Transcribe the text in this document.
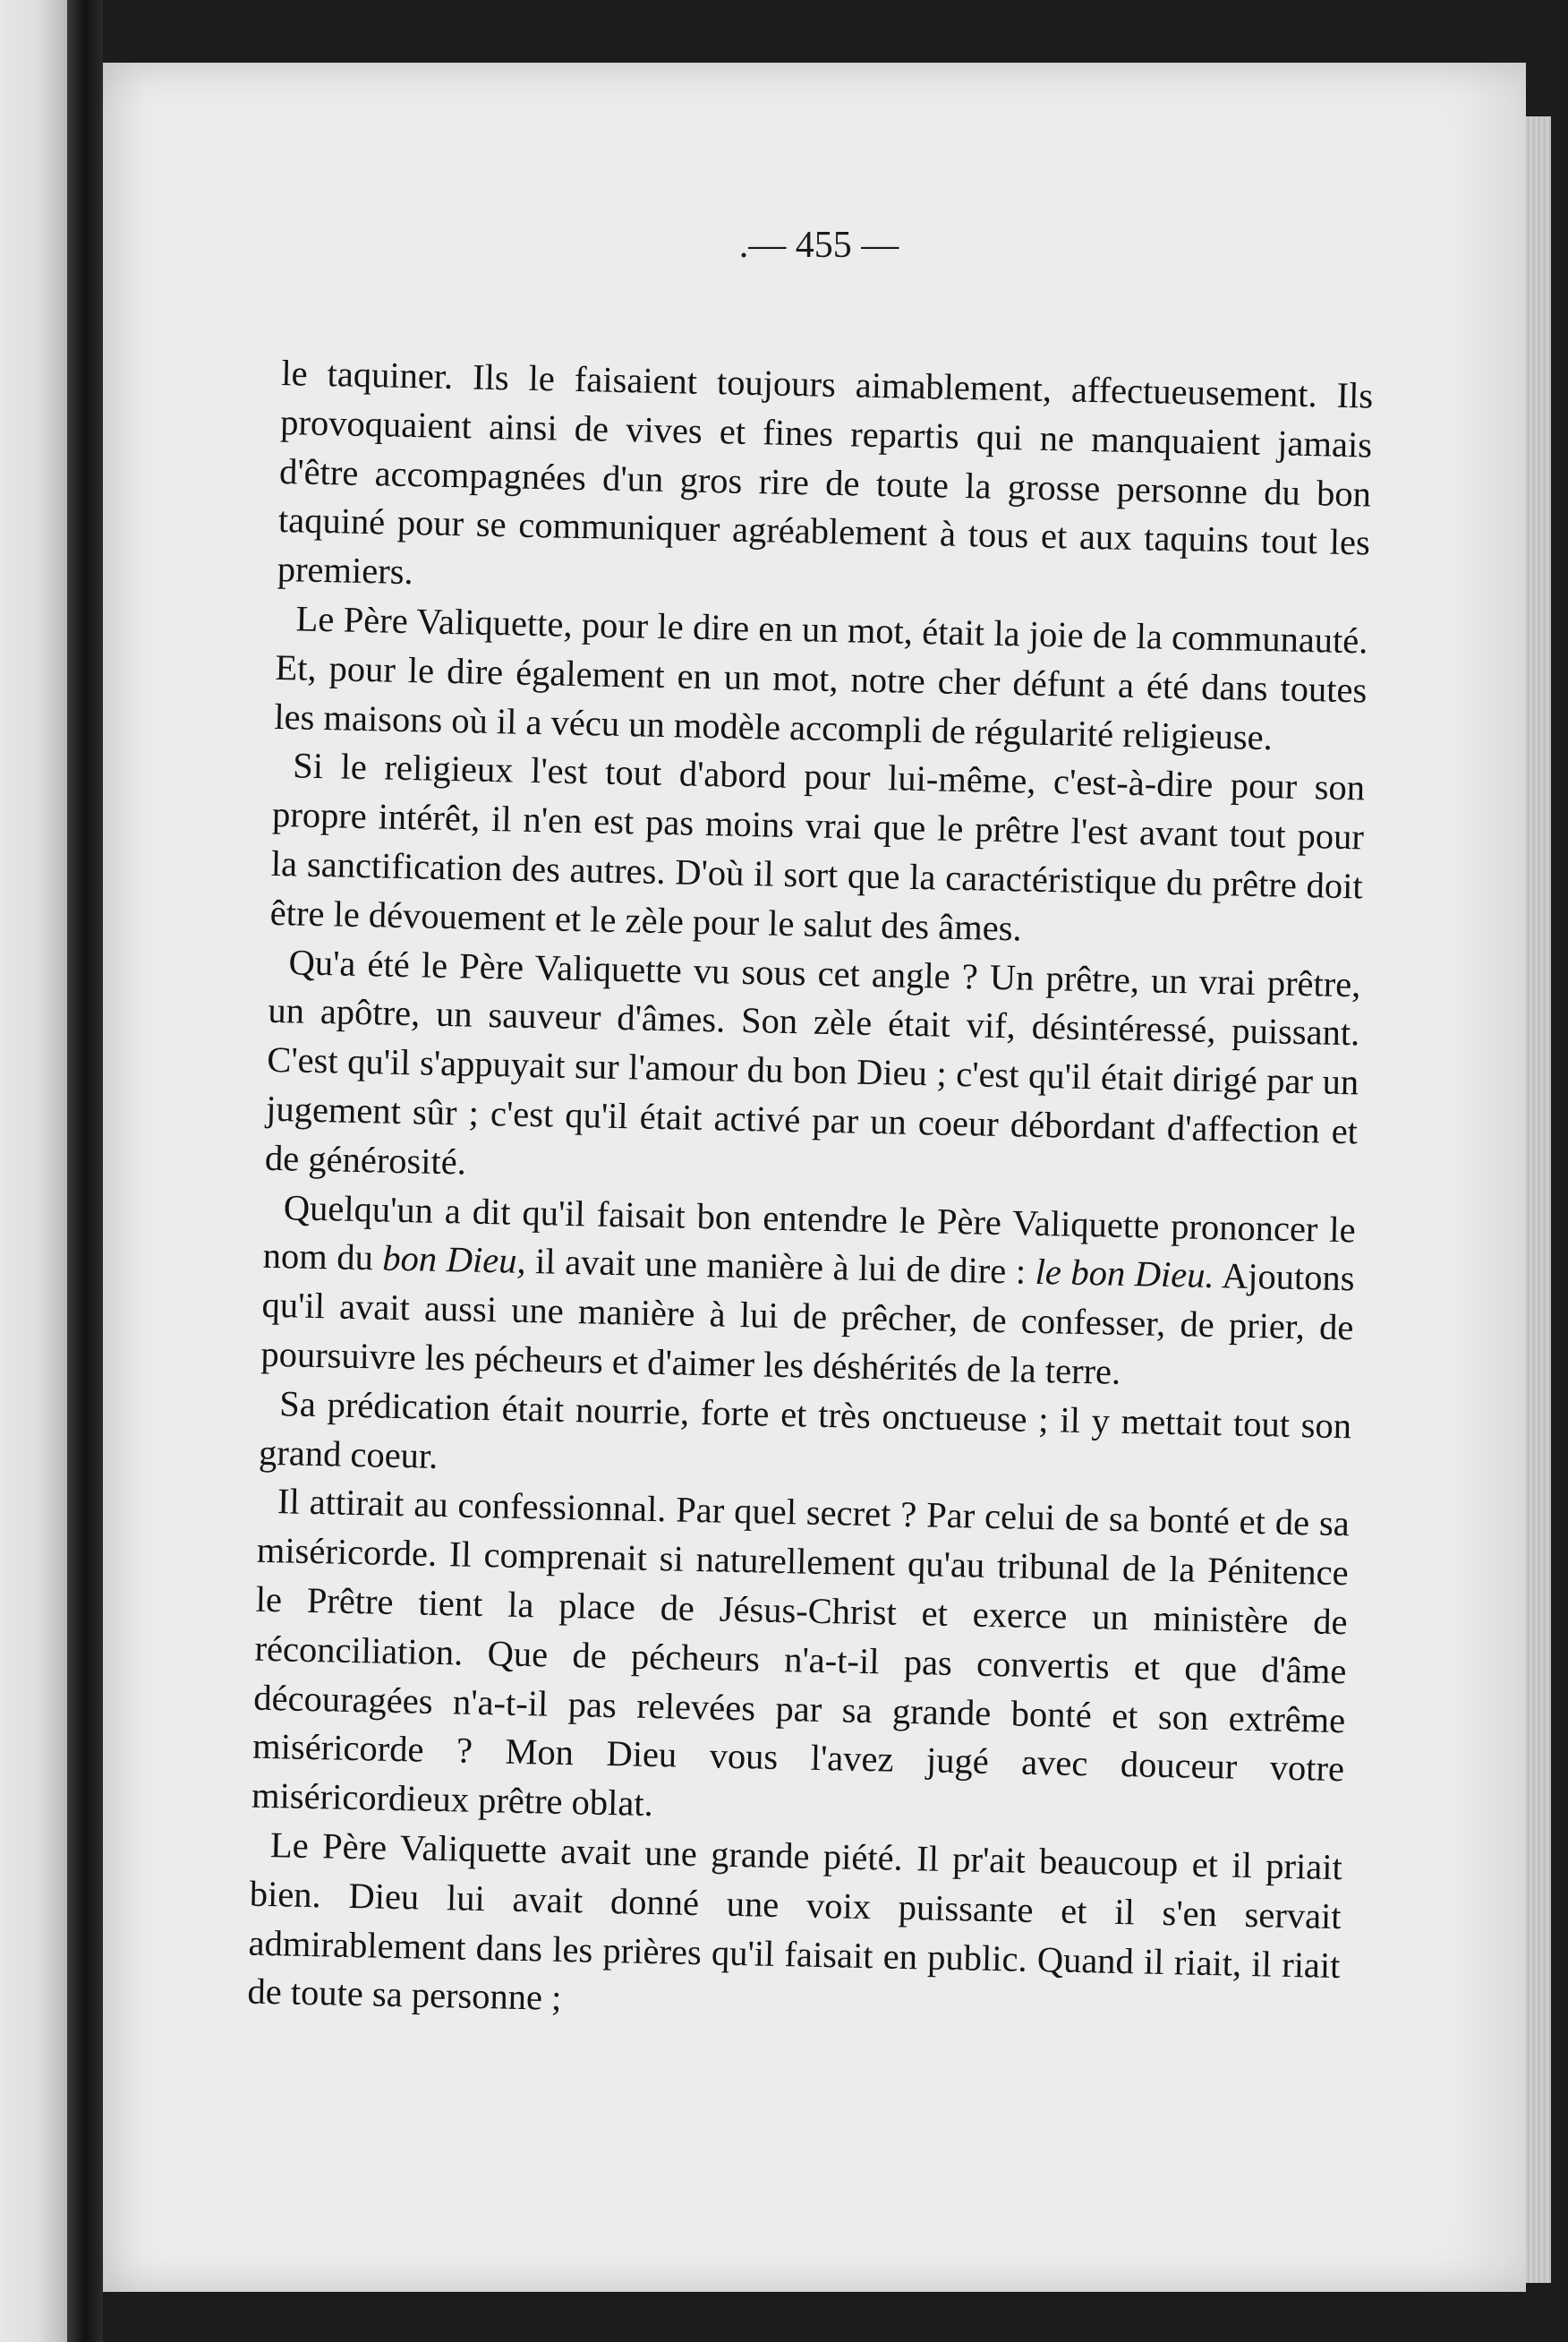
.— 455 —

le taquiner. Ils le faisaient toujours aimablement, affectueusement. Ils provoquaient ainsi de vives et fines repartis qui ne manquaient jamais d'être accompagnées d'un gros rire de toute la grosse personne du bon taquiné pour se communiquer agréablement à tous et aux taquins tout les premiers.

Le Père Valiquette, pour le dire en un mot, était la joie de la communauté. Et, pour le dire également en un mot, notre cher défunt a été dans toutes les maisons où il a vécu un modèle accompli de régularité religieuse.

Si le religieux l'est tout d'abord pour lui-même, c'est-à-dire pour son propre intérêt, il n'en est pas moins vrai que le prêtre l'est avant tout pour la sanctification des autres. D'où il sort que la caractéristique du prêtre doit être le dévouement et le zèle pour le salut des âmes.

Qu'a été le Père Valiquette vu sous cet angle ? Un prêtre, un vrai prêtre, un apôtre, un sauveur d'âmes. Son zèle était vif, désintéressé, puissant. C'est qu'il s'appuyait sur l'amour du bon Dieu ; c'est qu'il était dirigé par un jugement sûr ; c'est qu'il était activé par un coeur débordant d'affection et de générosité.

Quelqu'un a dit qu'il faisait bon entendre le Père Valiquette prononcer le nom du bon Dieu, il avait une manière à lui de dire : le bon Dieu. Ajoutons qu'il avait aussi une manière à lui de prêcher, de confesser, de prier, de poursuivre les pécheurs et d'aimer les déshérités de la terre.

Sa prédication était nourrie, forte et très onctueuse ; il y mettait tout son grand coeur.

Il attirait au confessionnal. Par quel secret ? Par celui de sa bonté et de sa miséricorde. Il comprenait si naturellement qu'au tribunal de la Pénitence le Prêtre tient la place de Jésus-Christ et exerce un ministère de réconciliation. Que de pécheurs n'a-t-il pas convertis et que d'âme découragées n'a-t-il pas relevées par sa grande bonté et son extrême miséricorde ? Mon Dieu vous l'avez jugé avec douceur votre miséricordieux prêtre oblat.

Le Père Valiquette avait une grande piété. Il pr'ait beaucoup et il priait bien. Dieu lui avait donné une voix puissante et il s'en servait admirablement dans les prières qu'il faisait en public. Quand il riait, il riait de toute sa personne ;
